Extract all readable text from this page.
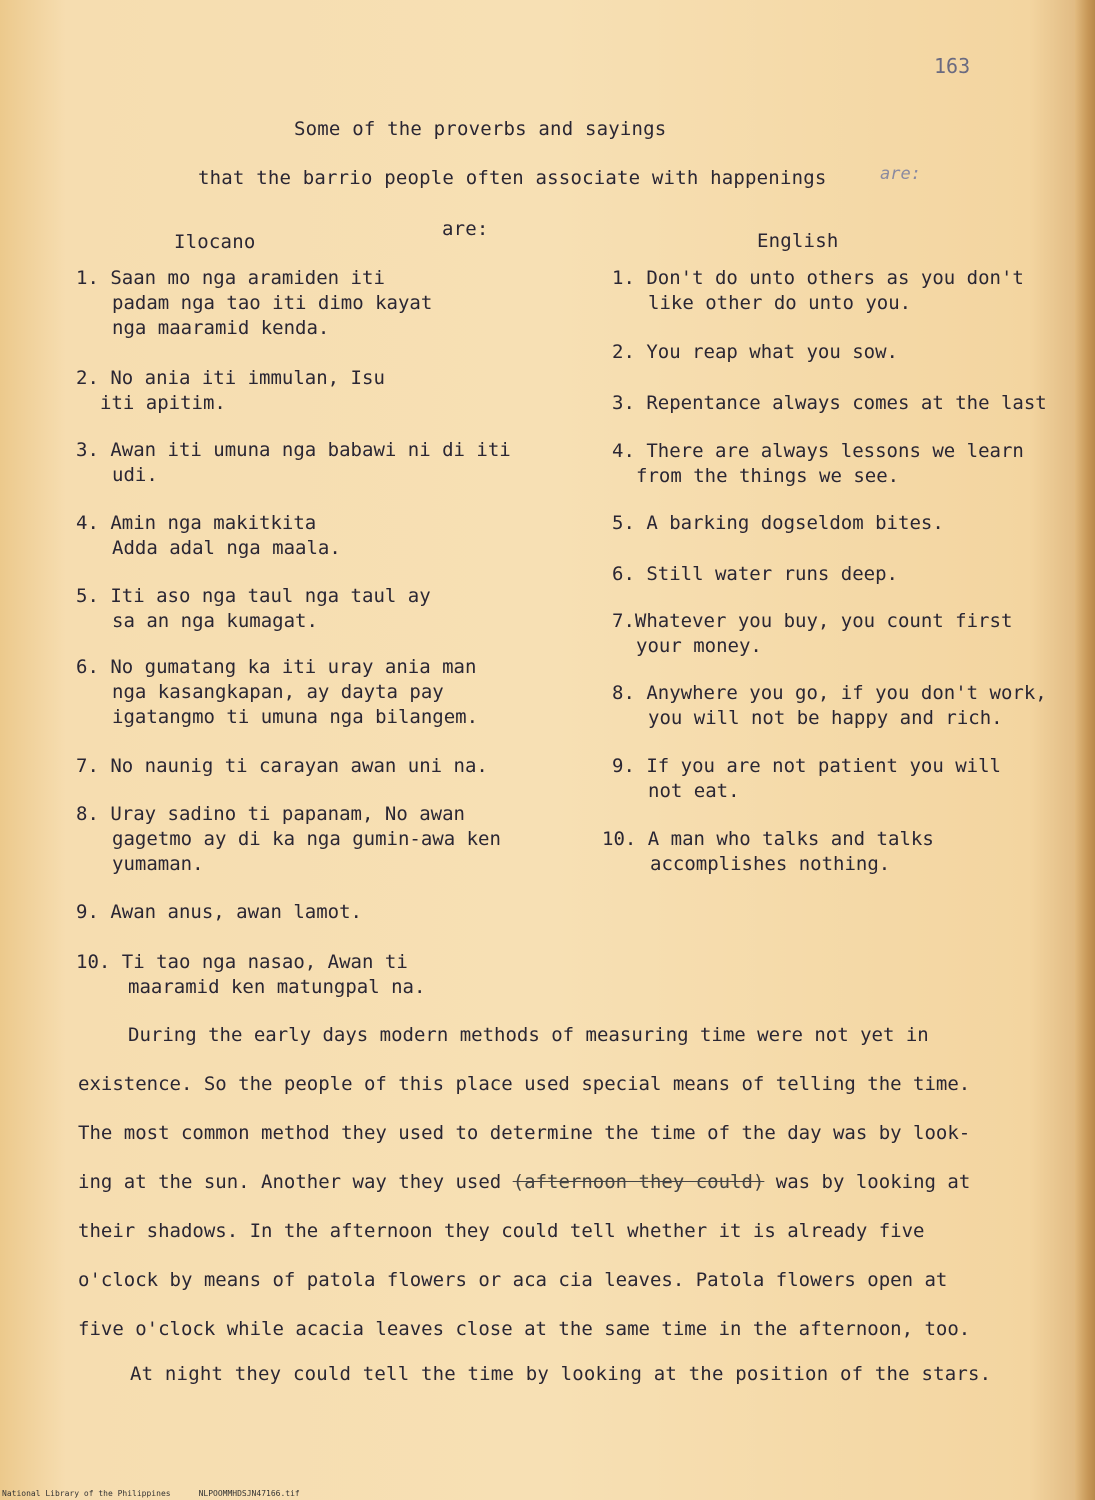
163
Some of the proverbs and sayings
that the barrio people often associate with happenings	are:
are:
Ilocano	English
1. Saan mo nga aramiden iti
padam nga tao iti dimo kayat
nga maaramid kenda.
2. No ania iti immulan, Isu
iti apitim.
3. Awan iti umuna nga babawi ni di iti
udi.
4. Amin nga makitkita
Adda adal nga maala.
5. Iti aso nga taul nga taul ay
sa an nga kumagat.
6. No gumatang ka iti uray ania man
nga kasangkapan, ay dayta pay
igatangmo ti umuna nga bilangem.
7. No naunig ti carayan awan uni na.
8. Uray sadino ti papanam, No awan
gagetmo ay di ka nga gumin-awa ken
yumaman.
9. Awan anus, awan lamot.
10. Ti tao nga nasao, Awan ti
maaramid ken matungpal na.
1. Don't do unto others as you don't
like other do unto you.
2. You reap what you sow.
3. Repentance always comes at the last
4. There are always lessons we learn
from the things we see.
5. A barking dogseldom bites.
6. Still water runs deep.
7.Whatever you buy, you count first
your money.
8. Anywhere you go, if you don't work,
you will not be happy and rich.
9. If you are not patient you will
not eat.
10. A man who talks and talks
accomplishes nothing.
During the early days modern methods of measuring time were not yet in
existence. So the people of this place used special means of telling the time.
The most common method they used to determine the time of the day was by look-
ing at the sun. Another way they used (afternoon they could) was by looking at
their shadows. In the afternoon they could tell whether it is already five
o'clock by means of patola flowers or aca cia leaves. Patola flowers open at
five o'clock while acacia leaves close at the same time in the afternoon, too.
At night they could tell the time by looking at the position of the stars.
National Library of the Philippines	NLPOOMMHDSJN47166.tif
